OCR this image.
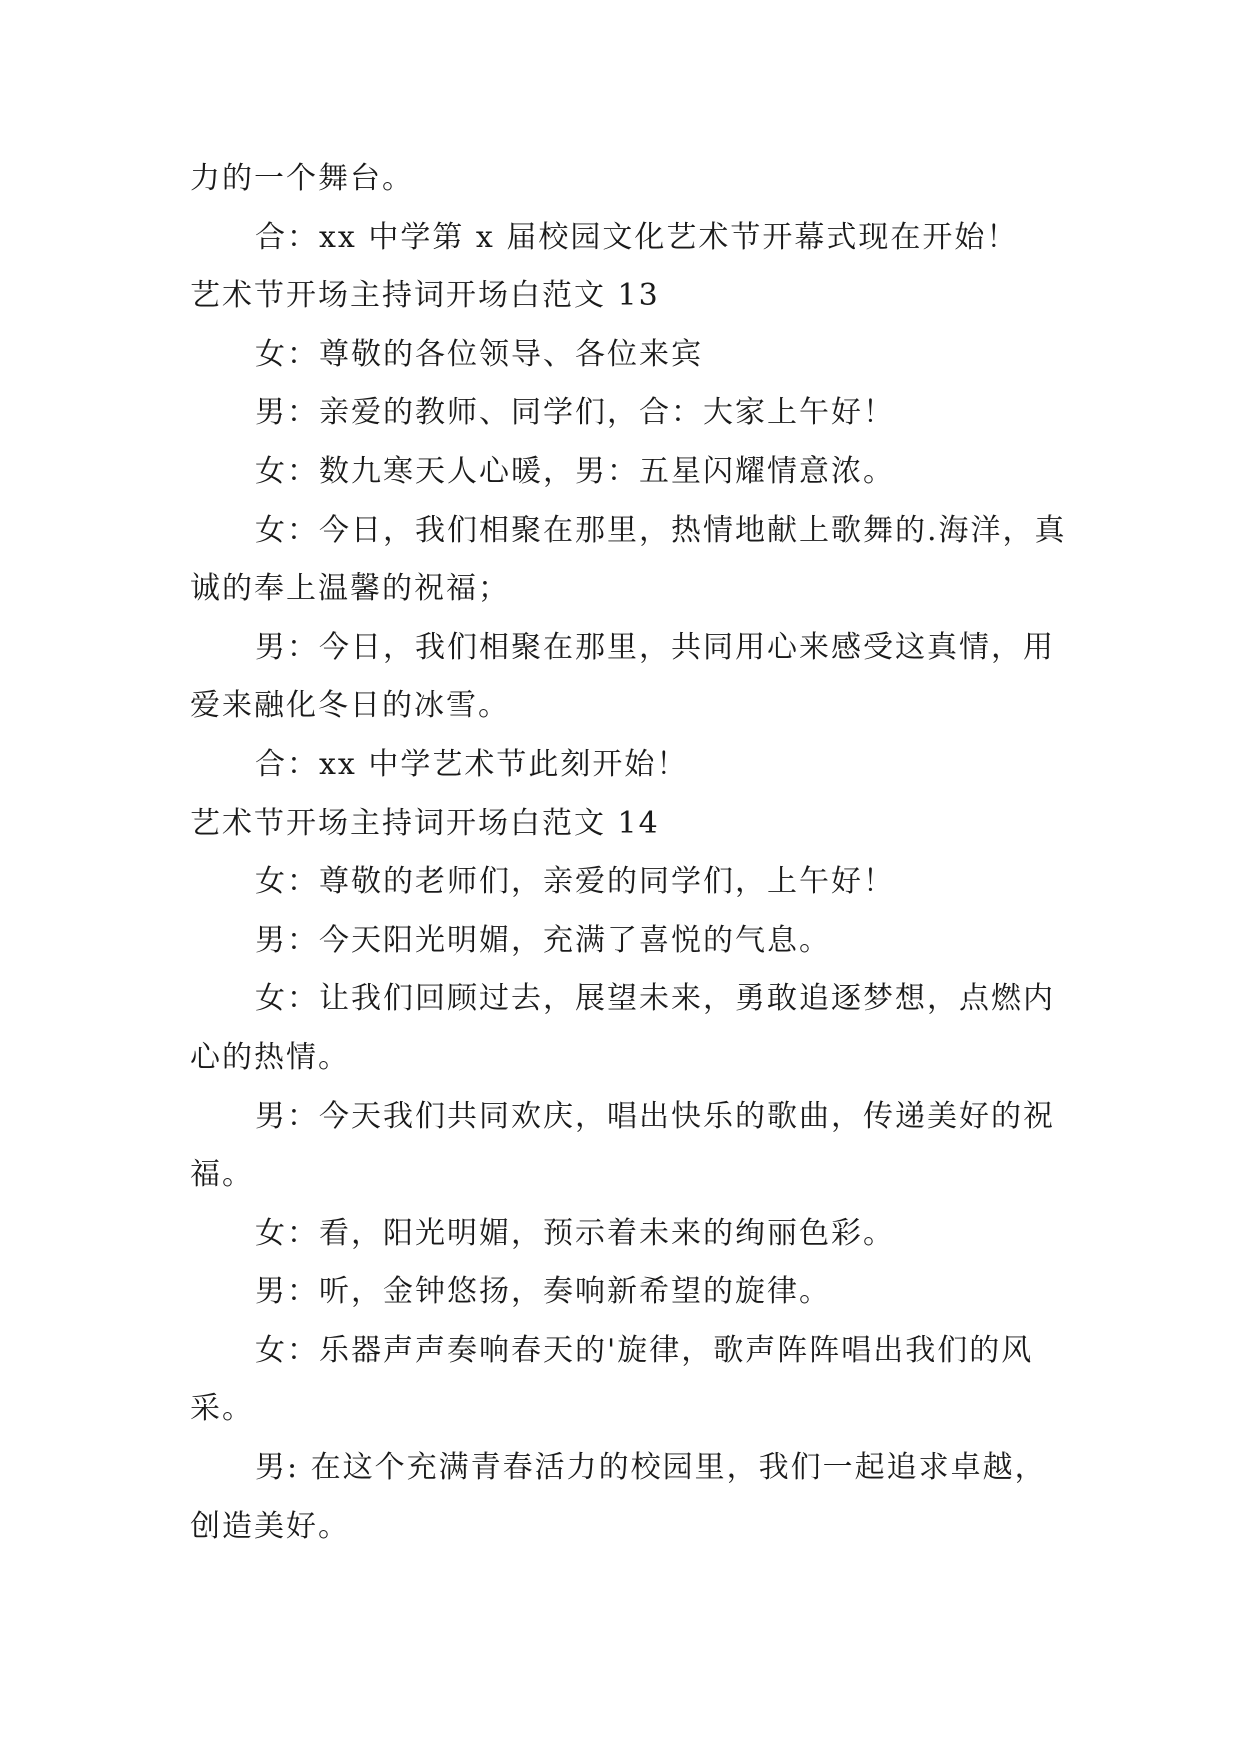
力的一个舞台。

合：xx 中学第 x 届校园文化艺术节开幕式现在开始！

艺术节开场主持词开场白范文 13

女：尊敬的各位领导、各位来宾

男：亲爱的教师、同学们，合：大家上午好！

女：数九寒天人心暖，男：五星闪耀情意浓。

女：今日，我们相聚在那里，热情地献上歌舞的.海洋，真诚的奉上温馨的祝福；

男：今日，我们相聚在那里，共同用心来感受这真情，用爱来融化冬日的冰雪。

合：xx 中学艺术节此刻开始！

艺术节开场主持词开场白范文 14

女：尊敬的老师们，亲爱的同学们，上午好！

男：今天阳光明媚，充满了喜悦的气息。

女：让我们回顾过去，展望未来，勇敢追逐梦想，点燃内心的热情。

男：今天我们共同欢庆，唱出快乐的歌曲，传递美好的祝福。

女：看，阳光明媚，预示着未来的绚丽色彩。

男：听，金钟悠扬，奏响新希望的旋律。

女：乐器声声奏响春天的'旋律，歌声阵阵唱出我们的风采。

男: 在这个充满青春活力的校园里，我们一起追求卓越，创造美好。
